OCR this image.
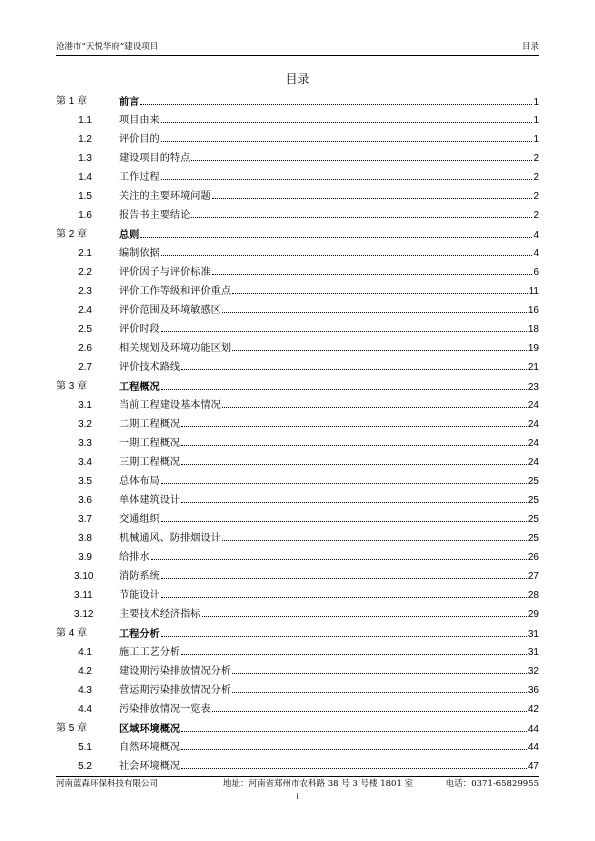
沧港市“天悦华府”建设项目	目录
目录
第 1 章	前言	1
1.1	项目由来	1
1.2	评价目的	1
1.3	建设项目的特点	2
1.4	工作过程	2
1.5	关注的主要环境问题	2
1.6	报告书主要结论	2
第 2 章	总则	4
2.1	编制依据	4
2.2	评价因子与评价标准	6
2.3	评价工作等级和评价重点	11
2.4	评价范围及环境敏感区	16
2.5	评价时段	18
2.6	相关规划及环境功能区划	19
2.7	评价技术路线	21
第 3 章	工程概况	23
3.1	当前工程建设基本情况	24
3.2	二期工程概况	24
3.3	一期工程概况	24
3.4	三期工程概况	24
3.5	总体布局	25
3.6	单体建筑设计	25
3.7	交通组织	25
3.8	机械通风、防排烟设计	25
3.9	给排水	26
3.10	消防系统	27
3.11	节能设计	28
3.12	主要技术经济指标	29
第 4 章	工程分析	31
4.1	施工工艺分析	31
4.2	建设期污染排放情况分析	32
4.3	营运期污染排放情况分析	36
4.4	污染排放情况一览表	42
第 5 章	区域环境概况	44
5.1	自然环境概况	44
5.2	社会环境概况	47
河南蓝森环保科技有限公司	地址：河南省郑州市农科路 38 号 3 号楼 1801 室	电话：0371-65829955
i
